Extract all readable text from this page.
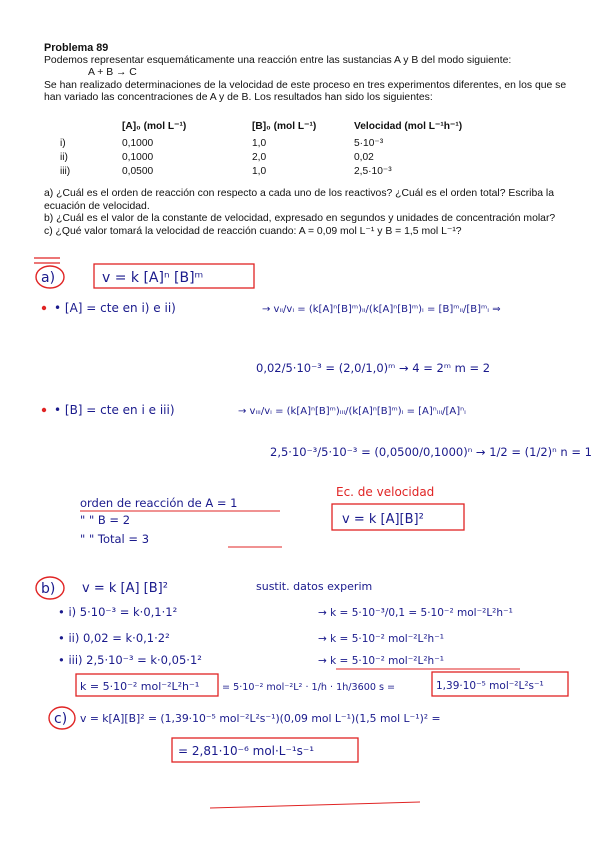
Problema 89

Podemos representar esquemáticamente una reacción entre las sustancias A y B del modo siguiente:

A + B → C

Se han realizado determinaciones de la velocidad de este proceso en tres experimentos diferentes, en los que se han variado las concentraciones de A y de B. Los resultados han sido los siguientes:

	[A]₀ (mol L⁻¹)	[B]₀ (mol L⁻¹)	Velocidad (mol L⁻¹h⁻¹)
i)	0,1000	1,0	5·10⁻³
ii)	0,1000	2,0	0,02
iii)	0,0500	1,0	2,5·10⁻³

a) ¿Cuál es el orden de reacción con respecto a cada uno de los reactivos? ¿Cuál es el orden total? Escriba la ecuación de velocidad.

b) ¿Cuál es el valor de la constante de velocidad, expresado en segundos y unidades de concentración molar?

c) ¿Qué valor tomará la velocidad de reacción cuando: A = 0,09 mol L⁻¹ y B = 1,5 mol L⁻¹?

a)	v = k [A]ⁿ [B]ᵐ
• [A] = cte en i) e ii)	→ vᵢᵢ/vᵢ = (k[A]ⁿ[B]ᵐ)ᵢᵢ/(k[A]ⁿ[B]ᵐ)ᵢ = [B]ᵐᵢᵢ/[B]ᵐᵢ ⇒
0,02/5·10⁻³ = (2,0/1,0)ᵐ → 4 = 2ᵐ m = 2
• [B] = cte en i e iii)	→ vᵢᵢᵢ/vᵢ = (k[A]ⁿ[B]ᵐ)ᵢᵢᵢ/(k[A]ⁿ[B]ᵐ)ᵢ = [A]ⁿᵢᵢᵢ/[A]ⁿᵢ
2,5·10⁻³/5·10⁻³ = (0,0500/0,1000)ⁿ → 1/2 = (1/2)ⁿ n = 1
orden de reacción de A = 1
" " B = 2
" " Total = 3
Ec. de velocidad
v = k [A][B]²
b) v = k [A] [B]²	sustit. datos experim
• i) 5·10⁻³ = k·0,1·1²	→ k = 5·10⁻³/0,1 = 5·10⁻² mol⁻²L²h⁻¹
• ii) 0,02 = k·0,1·2²	→ k = 5·10⁻² mol⁻²L²h⁻¹
• iii) 2,5·10⁻³ = k·0,05·1²	→ k = 5·10⁻² mol⁻²L²h⁻¹
k = 5·10⁻² mol⁻²L²h⁻¹ = 5·10⁻² mol⁻²L² · 1/h · 1h/3600 s =	1,39·10⁻⁵ mol⁻²L²s⁻¹
c) v = k[A][B]² = (1,39·10⁻⁵ mol⁻²L²s⁻¹)(0,09 mol L⁻¹)(1,5 mol L⁻¹)² =
= 2,81·10⁻⁶ mol·L⁻¹s⁻¹
